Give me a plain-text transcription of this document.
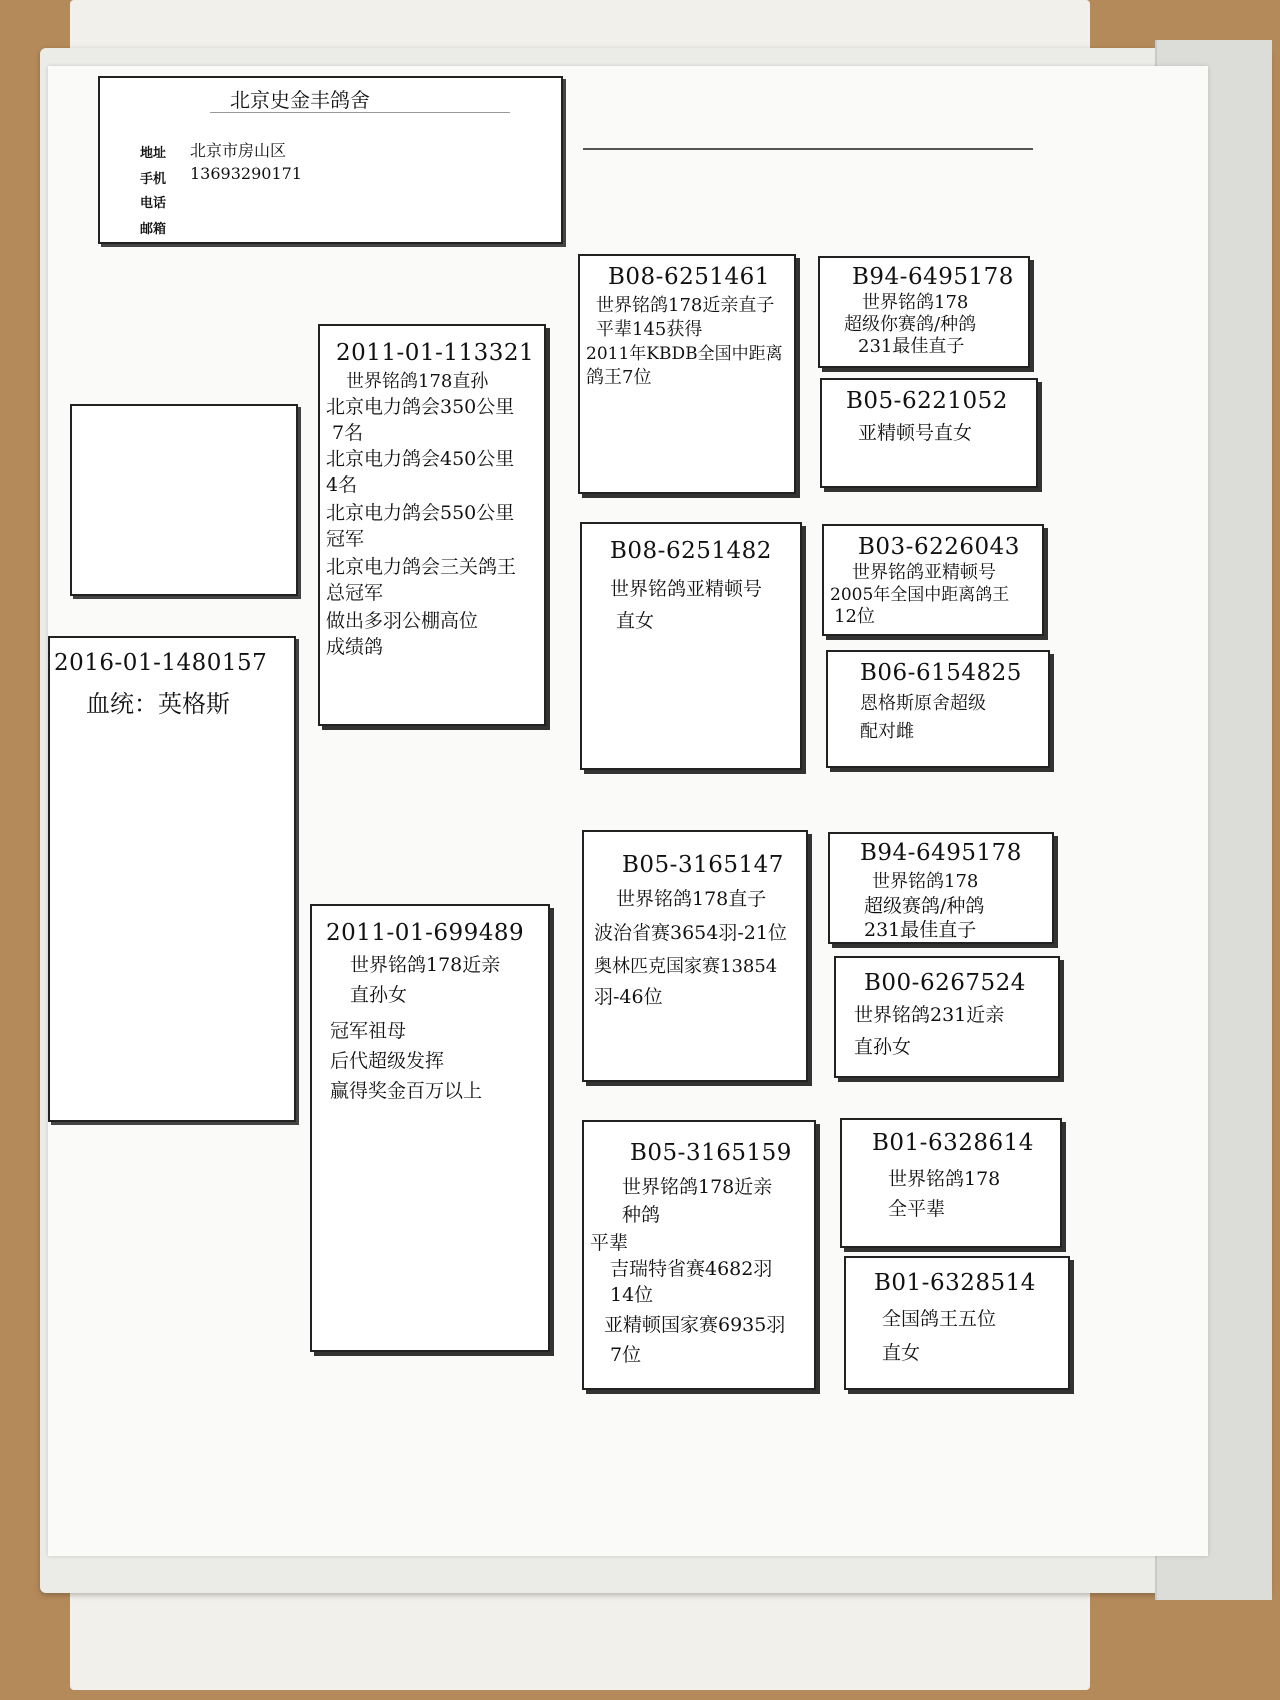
北京史金丰鸽舍
地址 北京市房山区
手机 13693290171
电话
邮箱
2016-01-1480157
血统：英格斯
2011-01-113321
世界铭鸽178直孙
北京电力鸽会350公里
7名
北京电力鸽会450公里
4名
北京电力鸽会550公里
冠军
北京电力鸽会三关鸽王
总冠军
做出多羽公棚高位
成绩鸽
2011-01-699489
世界铭鸽178近亲
直孙女
冠军祖母
后代超级发挥
赢得奖金百万以上
B08-6251461
世界铭鸽178近亲直子
平辈145获得
2011年KBDB全国中距离
鸽王7位
B08-6251482
世界铭鸽亚精顿号
直女
B05-3165147
世界铭鸽178直子
波治省赛3654羽-21位
奥林匹克国家赛13854
羽-46位
B05-3165159
世界铭鸽178近亲
种鸽
平辈
吉瑞特省赛4682羽
14位
亚精顿国家赛6935羽
7位
B94-6495178
世界铭鸽178
超级你赛鸽/种鸽
231最佳直子
B05-6221052
亚精顿号直女
B03-6226043
世界铭鸽亚精顿号
2005年全国中距离鸽王
12位
B06-6154825
恩格斯原舍超级
配对雌
B94-6495178
世界铭鸽178
超级赛鸽/种鸽
231最佳直子
B00-6267524
世界铭鸽231近亲
直孙女
B01-6328614
世界铭鸽178
全平辈
B01-6328514
全国鸽王五位
直女
